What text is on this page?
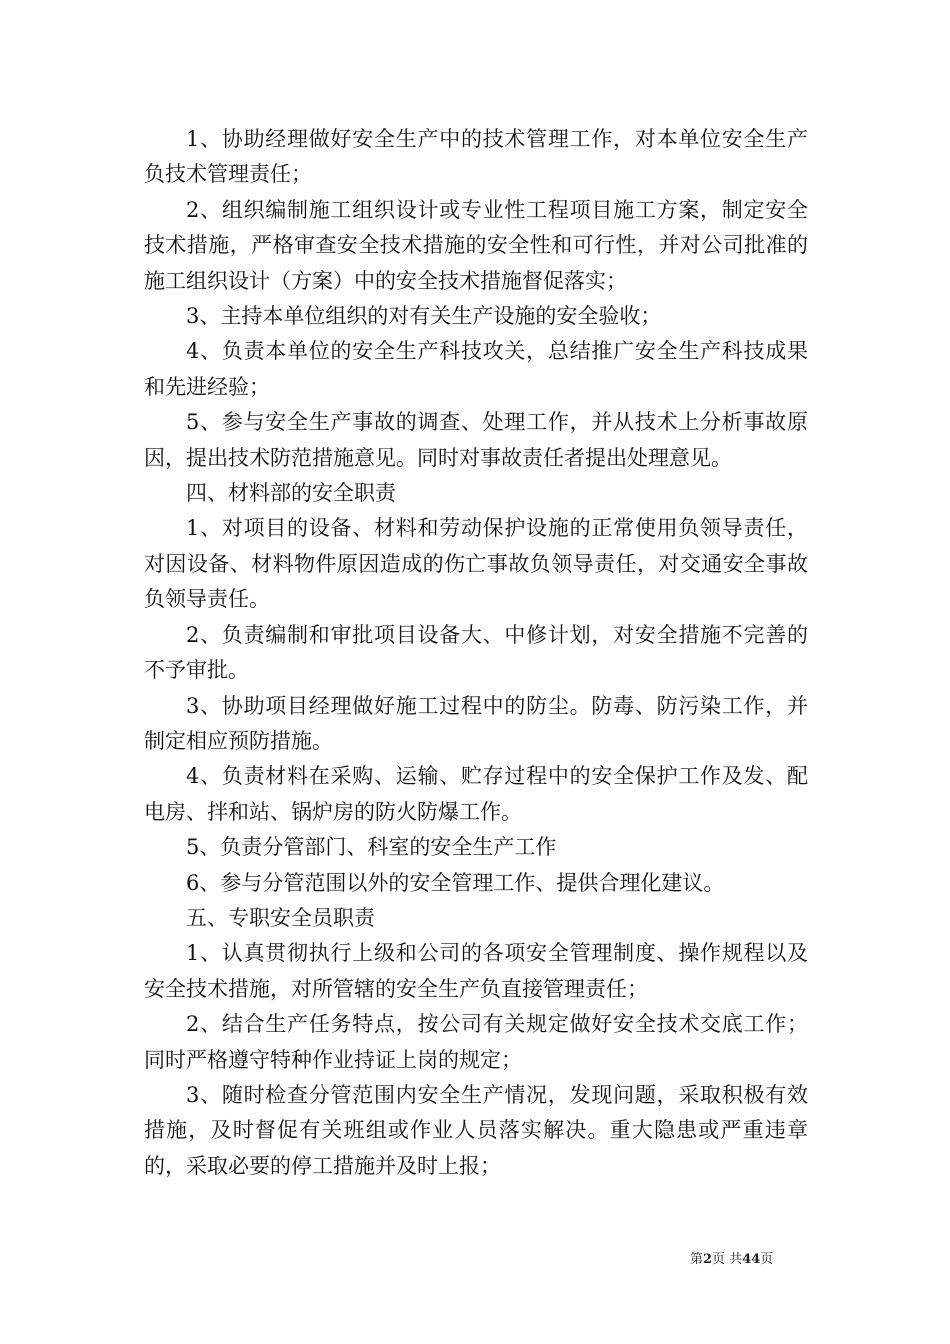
1、协助经理做好安全生产中的技术管理工作，对本单位安全生产负技术管理责任；

2、组织编制施工组织设计或专业性工程项目施工方案，制定安全技术措施，严格审查安全技术措施的安全性和可行性，并对公司批准的施工组织设计（方案）中的安全技术措施督促落实；

3、主持本单位组织的对有关生产设施的安全验收；

4、负责本单位的安全生产科技攻关，总结推广安全生产科技成果和先进经验；

5、参与安全生产事故的调查、处理工作，并从技术上分析事故原因，提出技术防范措施意见。同时对事故责任者提出处理意见。

四、材料部的安全职责

1、对项目的设备、材料和劳动保护设施的正常使用负领导责任，对因设备、材料物件原因造成的伤亡事故负领导责任，对交通安全事故负领导责任。

2、负责编制和审批项目设备大、中修计划，对安全措施不完善的不予审批。

3、协助项目经理做好施工过程中的防尘。防毒、防污染工作，并制定相应预防措施。

4、负责材料在采购、运输、贮存过程中的安全保护工作及发、配电房、拌和站、锅炉房的防火防爆工作。

5、负责分管部门、科室的安全生产工作

6、参与分管范围以外的安全管理工作、提供合理化建议。

五、专职安全员职责

1、认真贯彻执行上级和公司的各项安全管理制度、操作规程以及安全技术措施，对所管辖的安全生产负直接管理责任；

2、结合生产任务特点，按公司有关规定做好安全技术交底工作；同时严格遵守特种作业持证上岗的规定；

3、随时检查分管范围内安全生产情况，发现问题，采取积极有效措施，及时督促有关班组或作业人员落实解决。重大隐患或严重违章的，采取必要的停工措施并及时上报；

第2页 共44页
